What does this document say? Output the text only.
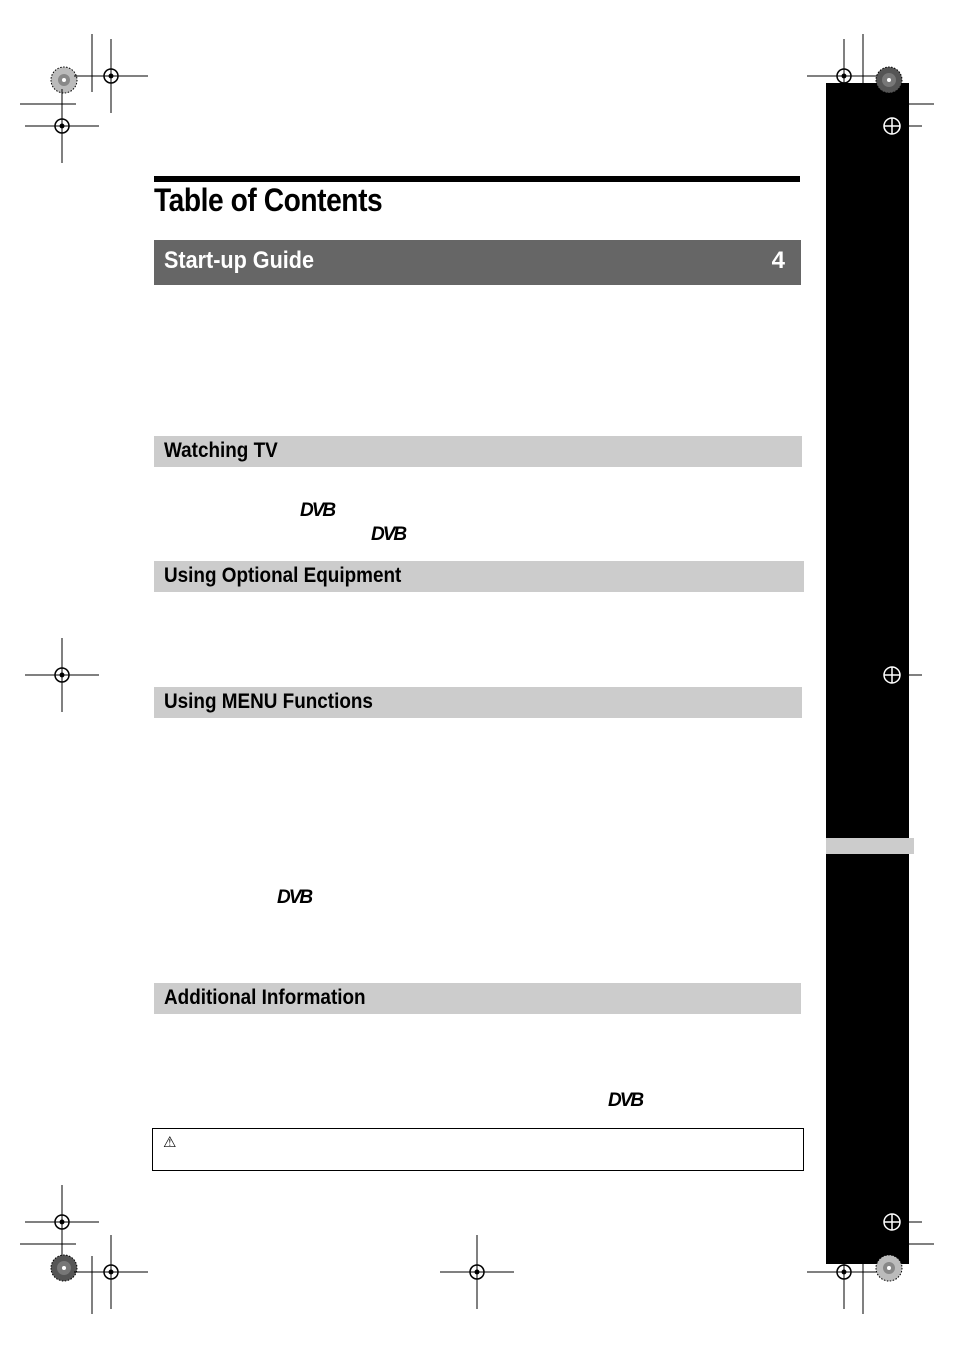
Table of Contents
Start-up Guide	4
Watching TV
DVB
DVB
Using Optional Equipment
Using MENU Functions
DVB
Additional Information
DVB
⚠
